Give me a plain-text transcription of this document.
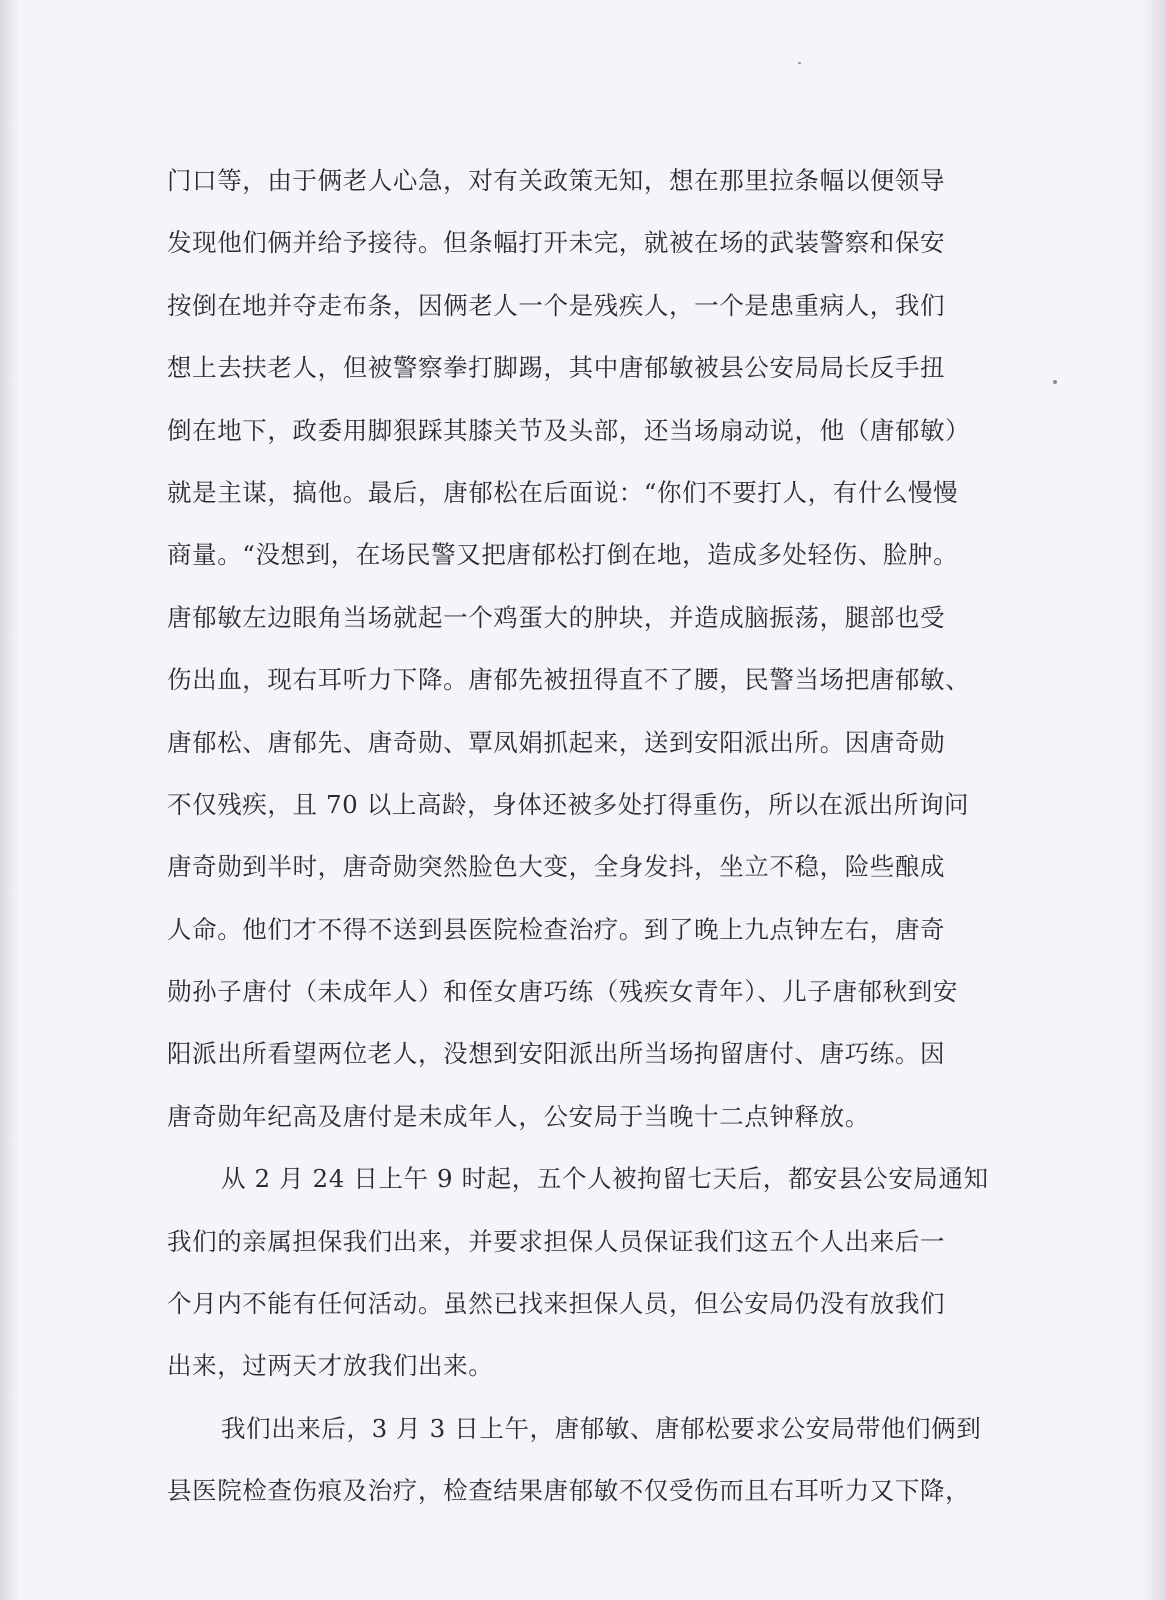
门口等，由于俩老人心急，对有关政策无知，想在那里拉条幅以便领导
发现他们俩并给予接待。但条幅打开未完，就被在场的武装警察和保安
按倒在地并夺走布条，因俩老人一个是残疾人，一个是患重病人，我们
想上去扶老人，但被警察拳打脚踢，其中唐郁敏被县公安局局长反手扭
倒在地下，政委用脚狠踩其膝关节及头部，还当场扇动说，他（唐郁敏）
就是主谋，搞他。最后，唐郁松在后面说：“你们不要打人，有什么慢慢
商量。“没想到，在场民警又把唐郁松打倒在地，造成多处轻伤、脸肿。
唐郁敏左边眼角当场就起一个鸡蛋大的肿块，并造成脑振荡，腿部也受
伤出血，现右耳听力下降。唐郁先被扭得直不了腰，民警当场把唐郁敏、
唐郁松、唐郁先、唐奇勋、覃凤娟抓起来，送到安阳派出所。因唐奇勋
不仅残疾，且 70 以上高龄，身体还被多处打得重伤，所以在派出所询问
唐奇勋到半时，唐奇勋突然脸色大变，全身发抖，坐立不稳，险些酿成
人命。他们才不得不送到县医院检查治疗。到了晚上九点钟左右，唐奇
勋孙子唐付（未成年人）和侄女唐巧练（残疾女青年）、儿子唐郁秋到安
阳派出所看望两位老人，没想到安阳派出所当场拘留唐付、唐巧练。因
唐奇勋年纪高及唐付是未成年人，公安局于当晚十二点钟释放。
从 2 月 24 日上午 9 时起，五个人被拘留七天后，都安县公安局通知
我们的亲属担保我们出来，并要求担保人员保证我们这五个人出来后一
个月内不能有任何活动。虽然已找来担保人员，但公安局仍没有放我们
出来，过两天才放我们出来。
我们出来后，3 月 3 日上午，唐郁敏、唐郁松要求公安局带他们俩到
县医院检查伤痕及治疗，检查结果唐郁敏不仅受伤而且右耳听力又下降，
